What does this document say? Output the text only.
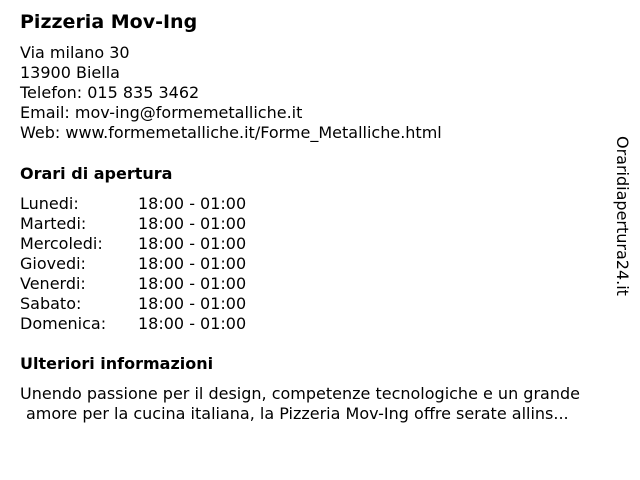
Pizzeria Mov-Ing
Via milano 30
13900 Biella
Telefon: 015 835 3462
Email: mov-ing@formemetalliche.it
Web: www.formemetalliche.it/Forme_Metalliche.html
Orari di apertura
Lunedi:	18:00 - 01:00
Martedi:	18:00 - 01:00
Mercoledi:	18:00 - 01:00
Giovedi:	18:00 - 01:00
Venerdi:	18:00 - 01:00
Sabato:	18:00 - 01:00
Domenica:	18:00 - 01:00
Ulteriori informazioni
Unendo passione per il design, competenze tecnologiche e un grande
amore per la cucina italiana, la Pizzeria Mov-Ing offre serate allins...
Oraridiapertura24.it
